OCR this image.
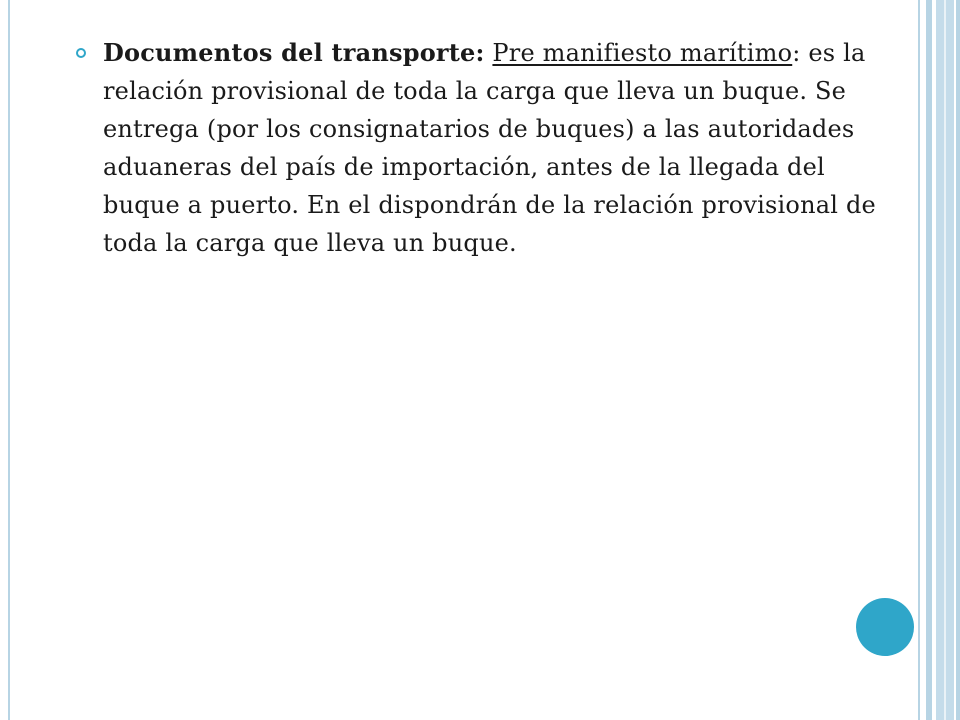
Documentos del transporte: Pre manifiesto marítimo: es la relación provisional de toda la carga que lleva un buque. Se entrega (por los consignatarios de buques) a las autoridades aduaneras del país de importación, antes de la llegada del buque a puerto. En el dispondrán de la relación provisional de toda la carga que lleva un buque.
